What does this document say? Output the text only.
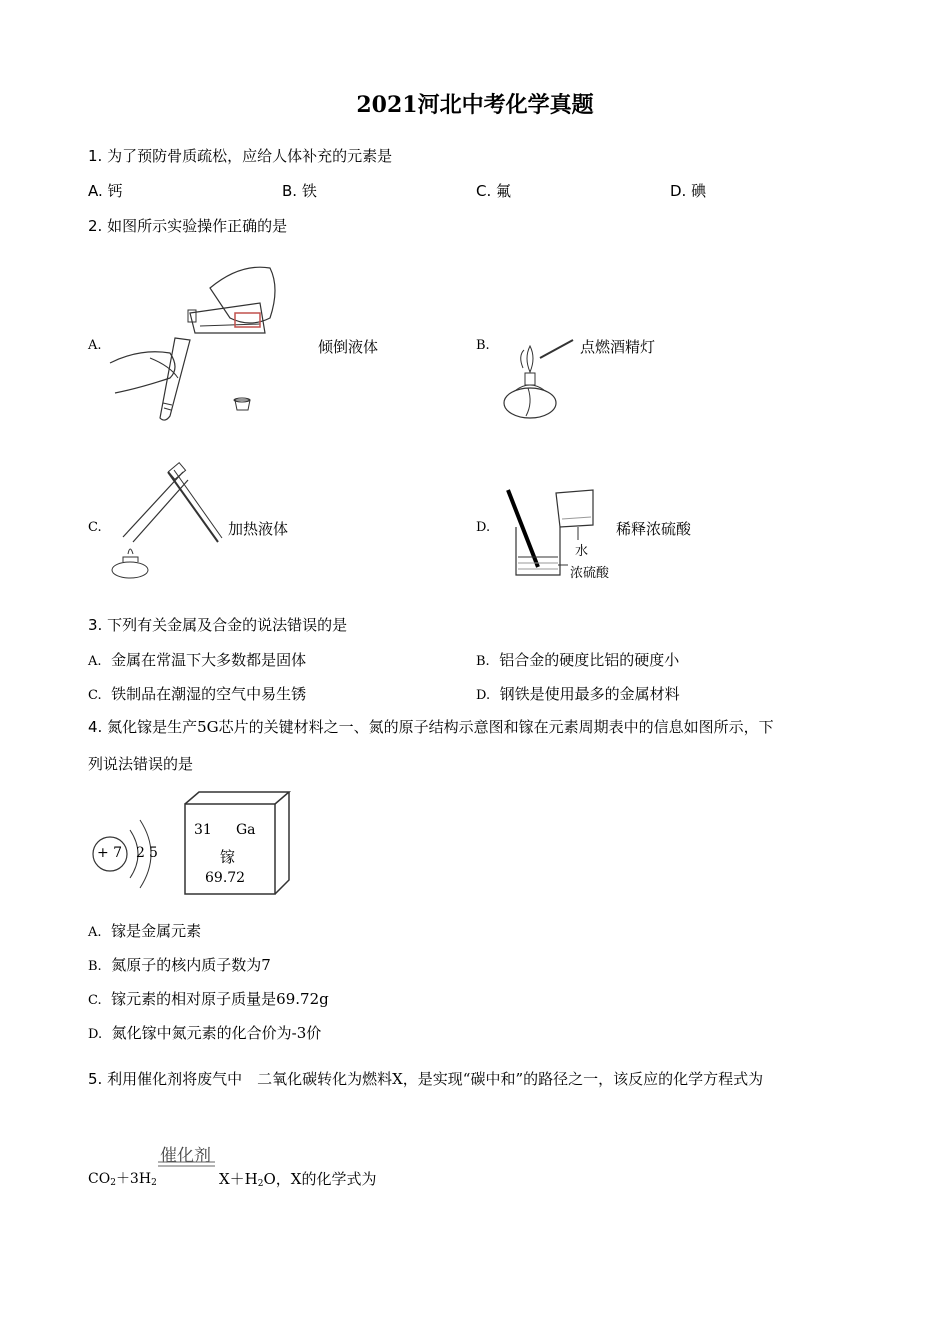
2021河北中考化学真题
1. 为了预防骨质疏松，应给人体补充的元素是
A. 钙	B. 铁	C. 氟	D. 碘
2. 如图所示实验操作正确的是
A.	倾倒液体	B.	点燃酒精灯
C.	加热液体	D.
水
浓硫酸
稀释浓硫酸
3. 下列有关金属及合金的说法错误的是
A. 金属在常温下大多数都是固体	B. 铝合金的硬度比铝的硬度小
C. 铁制品在潮湿的空气中易生锈	D. 钢铁是使用最多的金属材料
4. 氮化镓是生产5G芯片的关键材料之一、氮的原子结构示意图和镓在元素周期表中的信息如图所示，下
列说法错误的是
+ 7 2 5
31 Ga
镓
69.72
A. 镓是金属元素
B. 氮原子的核内质子数为7
C. 镓元素的相对原子质量是69.72g
D. 氮化镓中氮元素的化合价为-3价
5. 利用催化剂将废气中　二氧化碳转化为燃料X，是实现“碳中和”的路径之一，该反应的化学方程式为
催化剂
$CO_2+3H_2$	$X+H_2O$，X的化学式为
